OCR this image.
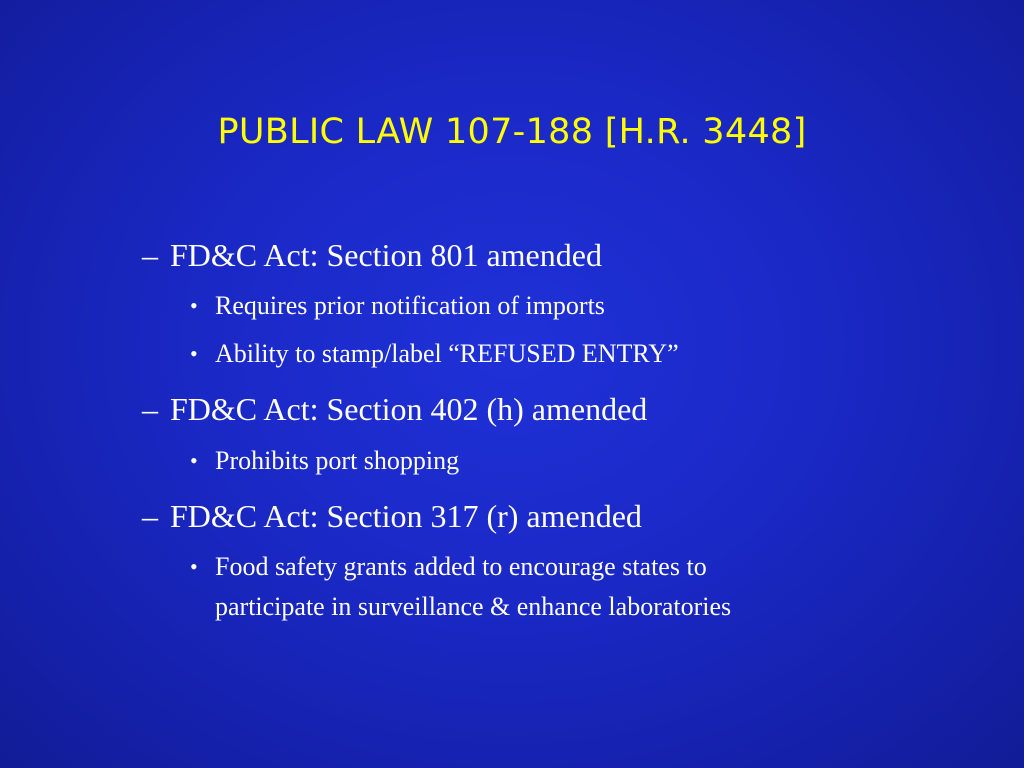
PUBLIC LAW 107-188 [H.R. 3448]
– FD&C Act: Section 801 amended
• Requires prior notification of imports
• Ability to stamp/label “REFUSED ENTRY”
– FD&C Act: Section 402 (h) amended
• Prohibits port shopping
– FD&C Act: Section 317 (r) amended
• Food safety grants added to encourage states to
participate in surveillance & enhance laboratories
